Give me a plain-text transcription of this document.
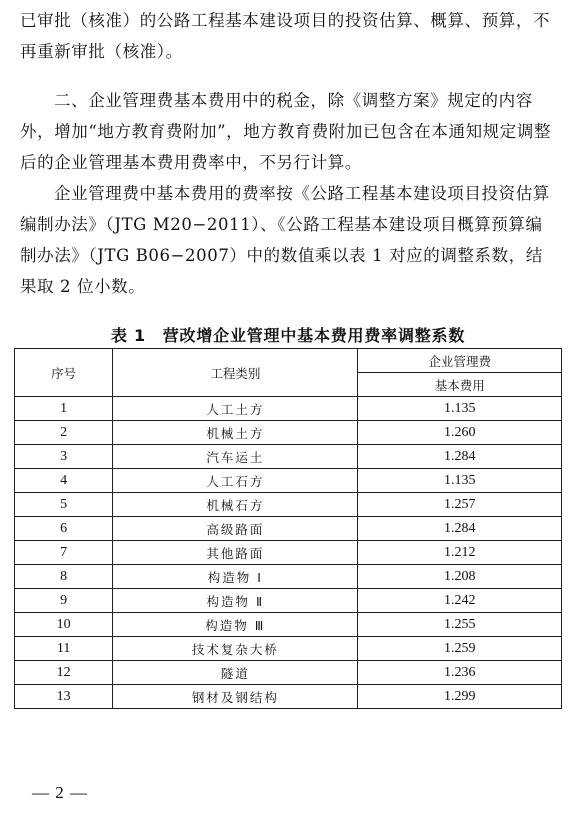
已审批（核准）的公路工程基本建设项目的投资估算、概算、预算，不再重新审批（核准）。

二、企业管理费基本费用中的税金，除《调整方案》规定的内容外，增加“地方教育费附加”，地方教育费附加已包含在本通知规定调整后的企业管理基本费用费率中，不另行计算。

企业管理费中基本费用的费率按《公路工程基本建设项目投资估算编制办法》（JTG M20−2011）、《公路工程基本建设项目概算预算编制办法》（JTG B06−2007）中的数值乘以表 1 对应的调整系数，结果取 2 位小数。

表 1　营改增企业管理中基本费用费率调整系数
序号	工程类别	企业管理费
		基本费用
1	人工土方	1.135
2	机械土方	1.260
3	汽车运土	1.284
4	人工石方	1.135
5	机械石方	1.257
6	高级路面	1.284
7	其他路面	1.212
8	构造物 Ⅰ	1.208
9	构造物 Ⅱ	1.242
10	构造物 Ⅲ	1.255
11	技术复杂大桥	1.259
12	隧道	1.236
13	钢材及钢结构	1.299
— 2 —
